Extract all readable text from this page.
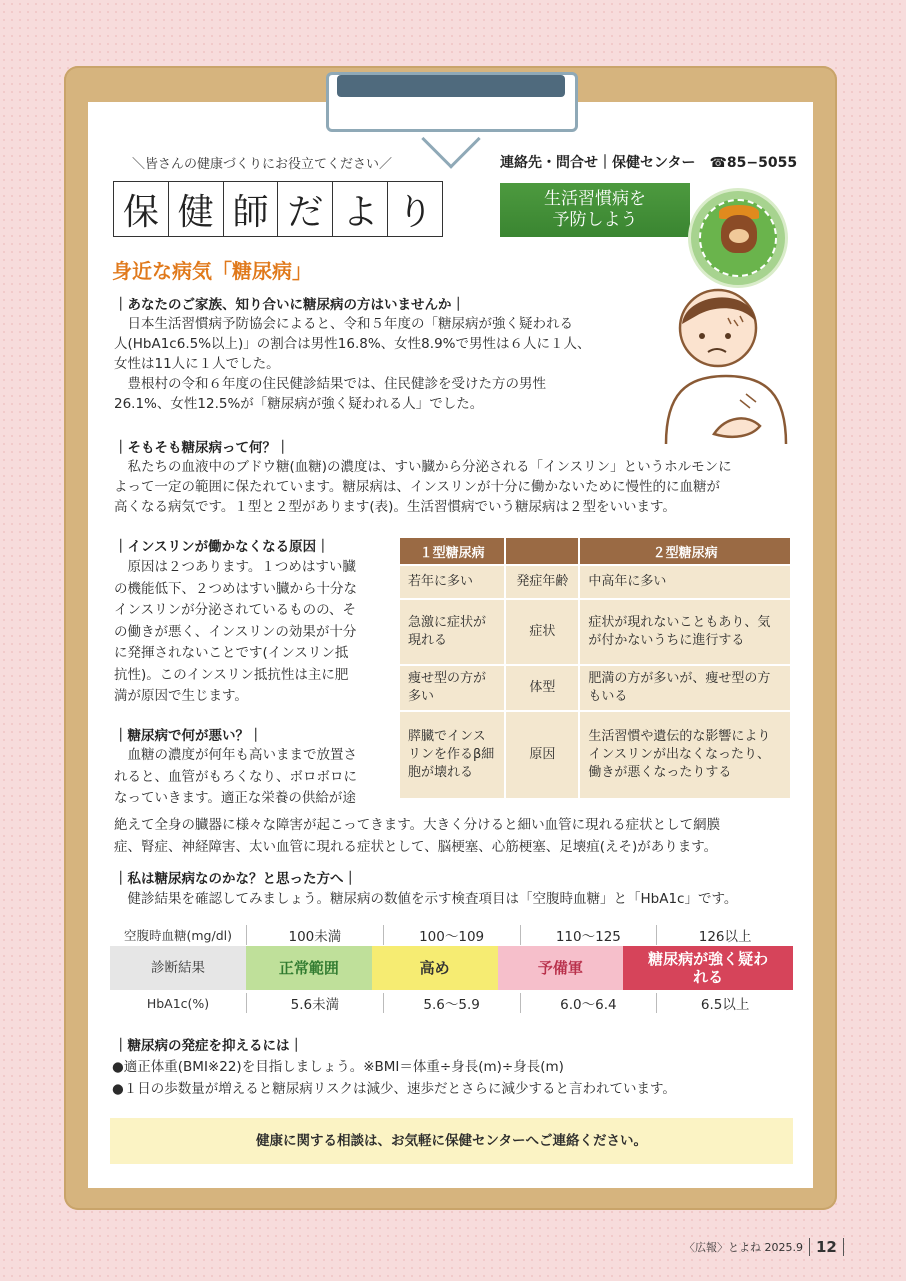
＼皆さんの健康づくりにお役立てください／	連絡先・問合せ｜保健センター　☎85−5055
保 健 師 だ よ り	生活習慣病を
予防しよう
身近な病気「糖尿病」
｜あなたのご家族、知り合いに糖尿病の方はいませんか｜
　日本生活習慣病予防協会によると、令和５年度の「糖尿病が強く疑われる
人(HbA1c6.5%以上)」の割合は男性16.8%、女性8.9%で男性は６人に１人、
女性は11人に１人でした。
　豊根村の令和６年度の住民健診結果では、住民健診を受けた方の男性
26.1%、女性12.5%が「糖尿病が強く疑われる人」でした。
｜そもそも糖尿病って何？｜
　私たちの血液中のブドウ糖(血糖)の濃度は、すい臓から分泌される「インスリン」というホルモンに
よって一定の範囲に保たれています。糖尿病は、インスリンが十分に働かないために慢性的に血糖が
高くなる病気です。１型と２型があります(表)。生活習慣病でいう糖尿病は２型をいいます。
｜インスリンが働かなくなる原因｜
　原因は２つあります。１つめはすい臓
の機能低下、２つめはすい臓から十分な
インスリンが分泌されているものの、そ
の働きが悪く、インスリンの効果が十分
に発揮されないことです(インスリン抵
抗性)。このインスリン抵抗性は主に肥
満が原因で生じます。
１型糖尿病		２型糖尿病
若年に多い	発症年齢	中高年に多い
急激に症状が現れる	症状	症状が現れないこともあり、気が付かないうちに進行する
痩せ型の方が多い	体型	肥満の方が多いが、痩せ型の方もいる
膵臓でインスリンを作るβ細胞が壊れる	原因	生活習慣や遺伝的な影響によりインスリンが出なくなったり、働きが悪くなったりする
｜糖尿病で何が悪い？｜
　血糖の濃度が何年も高いままで放置さ
れると、血管がもろくなり、ボロボロに
なっていきます。適正な栄養の供給が途
絶えて全身の臓器に様々な障害が起こってきます。大きく分けると細い血管に現れる症状として網膜
症、腎症、神経障害、太い血管に現れる症状として、脳梗塞、心筋梗塞、足壊疽(えそ)があります。
｜私は糖尿病なのかな？と思った方へ｜
　健診結果を確認してみましょう。糖尿病の数値を示す検査項目は「空腹時血糖」と「HbA1c」です。
空腹時血糖(mg/dl)	100未満	100〜109	110〜125	126以上
診断結果	正常範囲	高め	予備軍	糖尿病が強く疑われる
HbA1c(%)	5.6未満	5.6〜5.9	6.0〜6.4	6.5以上
｜糖尿病の発症を抑えるには｜
●適正体重(BMI※22)を目指しましょう。※BMI＝体重÷身長(m)÷身長(m)
●１日の歩数量が増えると糖尿病リスクは減少、速歩だとさらに減少すると言われています。
健康に関する相談は、お気軽に保健センターへご連絡ください。
〈広報〉とよね 2025.9 12
